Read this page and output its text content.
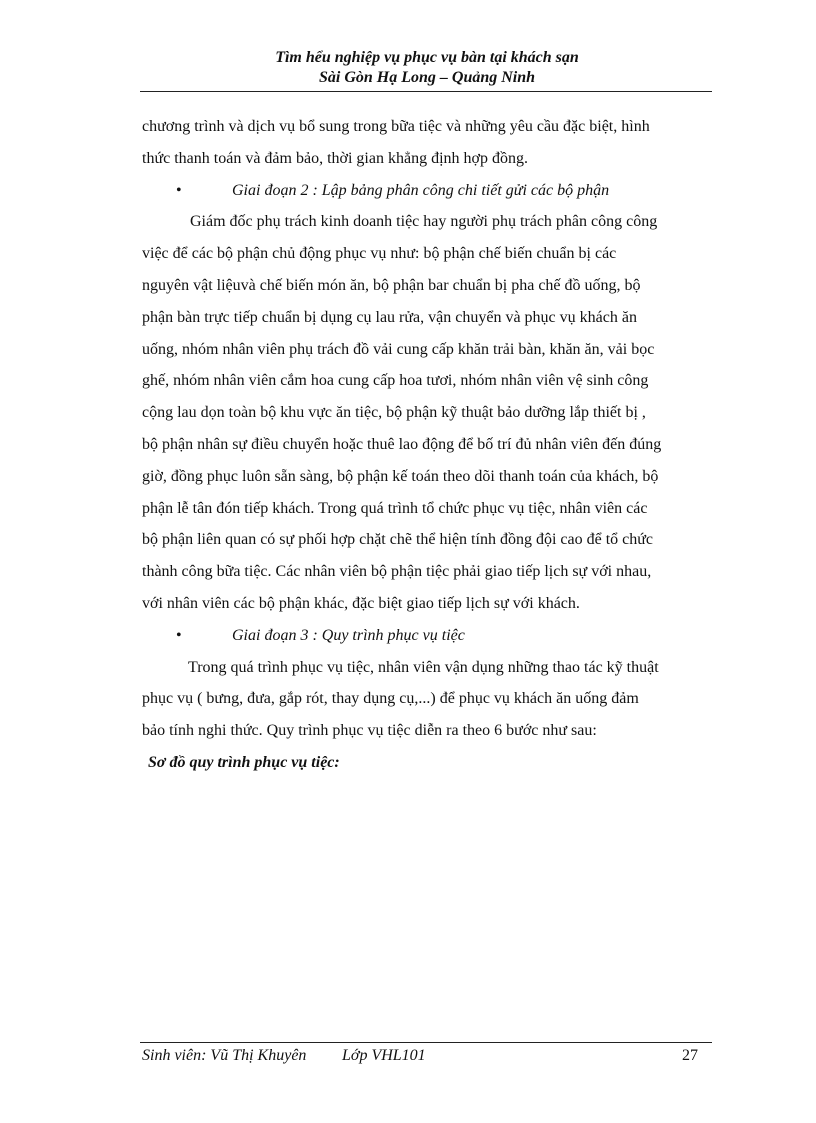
Tìm hểu nghiệp vụ phục vụ bàn tại khách sạn
Sài Gòn Hạ Long – Quảng Ninh
chương trình và dịch vụ bổ sung trong bữa tiệc và những yêu cầu đặc biệt, hình
thức thanh toán và đảm bảo, thời gian khẳng định hợp đồng.
•	Giai đoạn 2 : Lập bảng phân công chi tiết gửi các bộ phận
Giám đốc phụ trách kinh doanh tiệc hay người phụ trách phân công công
việc để các bộ phận chủ động phục vụ như: bộ phận chế biến chuẩn bị các
nguyên vật liệuvà chế biến món ăn, bộ phận bar chuẩn bị pha chế đồ uống, bộ
phận bàn trực tiếp chuẩn bị dụng cụ lau rửa, vận chuyển và phục vụ khách ăn
uống, nhóm nhân viên phụ trách đồ vải cung cấp khăn trải bàn, khăn ăn, vải bọc
ghế, nhóm nhân viên cắm hoa cung cấp hoa tươi, nhóm nhân viên vệ sinh công
cộng lau dọn toàn bộ khu vực ăn tiệc, bộ phận kỹ thuật bảo dưỡng lắp thiết bị ,
bộ phận nhân sự điều chuyển hoặc thuê lao động để bố trí đủ nhân viên đến đúng
giờ, đồng phục luôn sẵn sàng, bộ phận kế toán theo dõi thanh toán của khách, bộ
phận lễ tân đón tiếp khách. Trong quá trình tổ chức phục vụ tiệc, nhân viên các
bộ phận liên quan có sự phối hợp chặt chẽ thể hiện tính đồng đội cao để tổ chức
thành công bữa tiệc. Các nhân viên bộ phận tiệc phải giao tiếp lịch sự với nhau,
với nhân viên các bộ phận khác, đặc biệt giao tiếp lịch sự với khách.
•	Giai đoạn 3 : Quy trình phục vụ tiệc
Trong quá trình phục vụ tiệc, nhân viên vận dụng những thao tác kỹ thuật
phục vụ ( bưng, đưa, gắp rót, thay dụng cụ,...) để phục vụ khách ăn uống đảm
bảo tính nghi thức. Quy trình phục vụ tiệc diễn ra theo 6 bước như sau:
Sơ đồ quy trình phục vụ tiệc:
Sinh viên: Vũ Thị Khuyên Lớp VHL101	27
